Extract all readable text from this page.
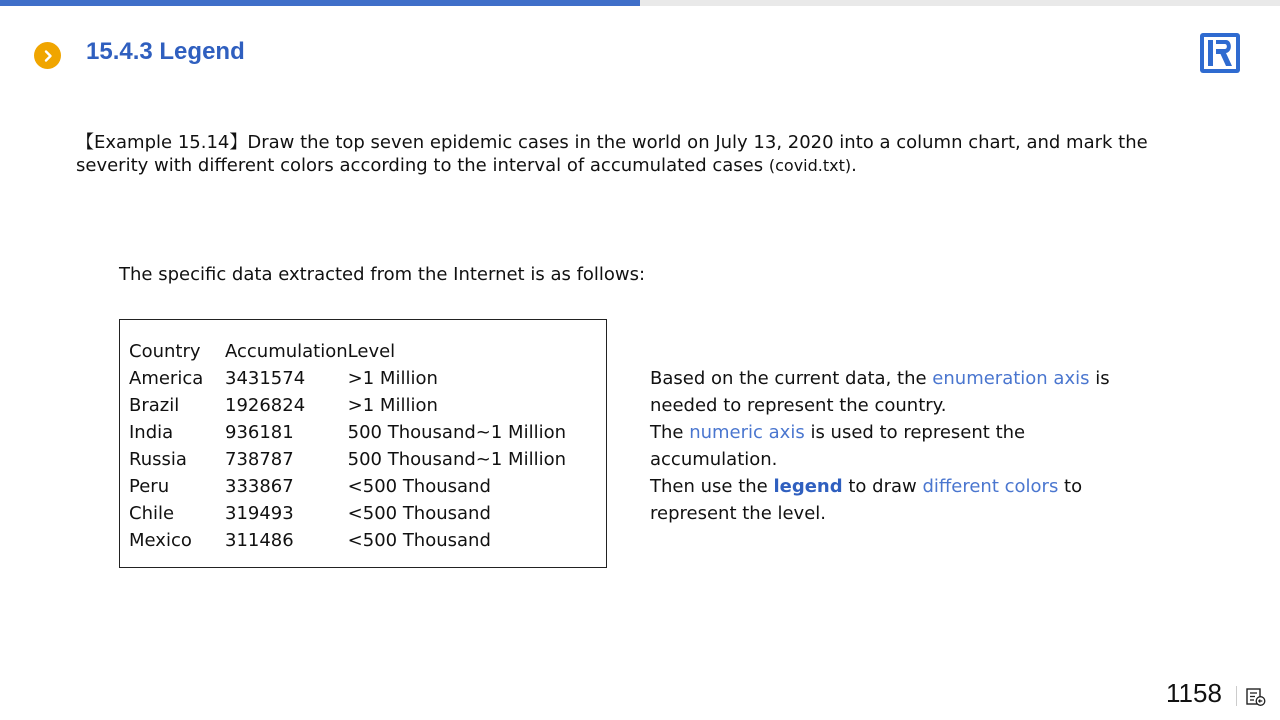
15.4.3 Legend
【Example 15.14】Draw the top seven epidemic cases in the world on July 13, 2020 into a column chart, and mark the severity with different colors according to the interval of accumulated cases (covid.txt).
The specific data extracted from the Internet is as follows:
Country	Accumulation	Level
America	3431574	>1 Million
Brazil	1926824	>1 Million
India	936181	500 Thousand~1 Million
Russia	738787	500 Thousand~1 Million
Peru	333867	<500 Thousand
Chile	319493	<500 Thousand
Mexico	311486	<500 Thousand
Based on the current data, the enumeration axis is needed to represent the country.
The numeric axis is used to represent the accumulation.
Then use the legend to draw different colors to represent the level.
1158
